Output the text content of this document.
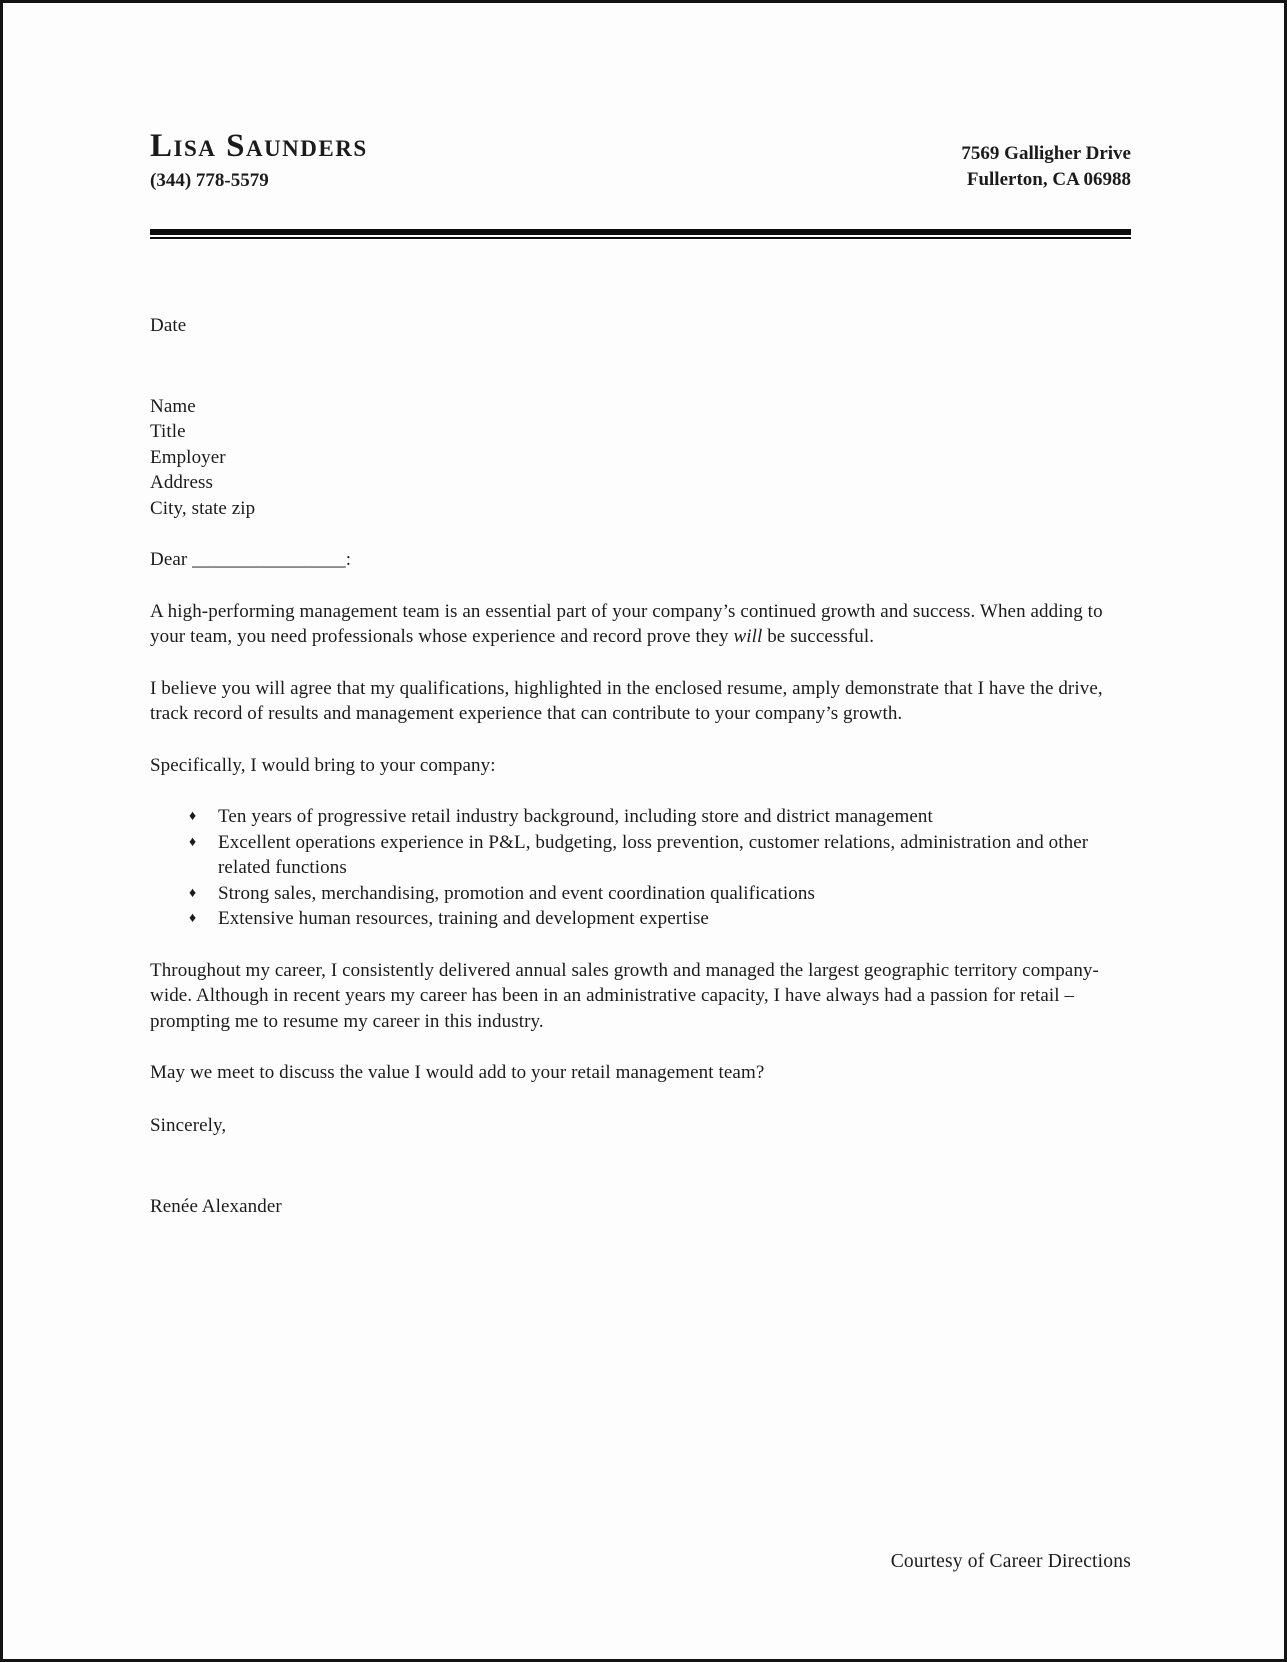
Lisa Saunders
(344) 778-5579
7569 Galligher Drive
Fullerton, CA 06988

Date

Name
Title
Employer
Address
City, state zip

Dear ________________:

A high-performing management team is an essential part of your company’s continued growth and success. When adding to your team, you need professionals whose experience and record prove they will be successful.

I believe you will agree that my qualifications, highlighted in the enclosed resume, amply demonstrate that I have the drive, track record of results and management experience that can contribute to your company’s growth.

Specifically, I would bring to your company:

♦ Ten years of progressive retail industry background, including store and district management
♦ Excellent operations experience in P&L, budgeting, loss prevention, customer relations, administration and other related functions
♦ Strong sales, merchandising, promotion and event coordination qualifications
♦ Extensive human resources, training and development expertise

Throughout my career, I consistently delivered annual sales growth and managed the largest geographic territory company-wide. Although in recent years my career has been in an administrative capacity, I have always had a passion for retail – prompting me to resume my career in this industry.

May we meet to discuss the value I would add to your retail management team?

Sincerely,

Renée Alexander

Courtesy of Career Directions
